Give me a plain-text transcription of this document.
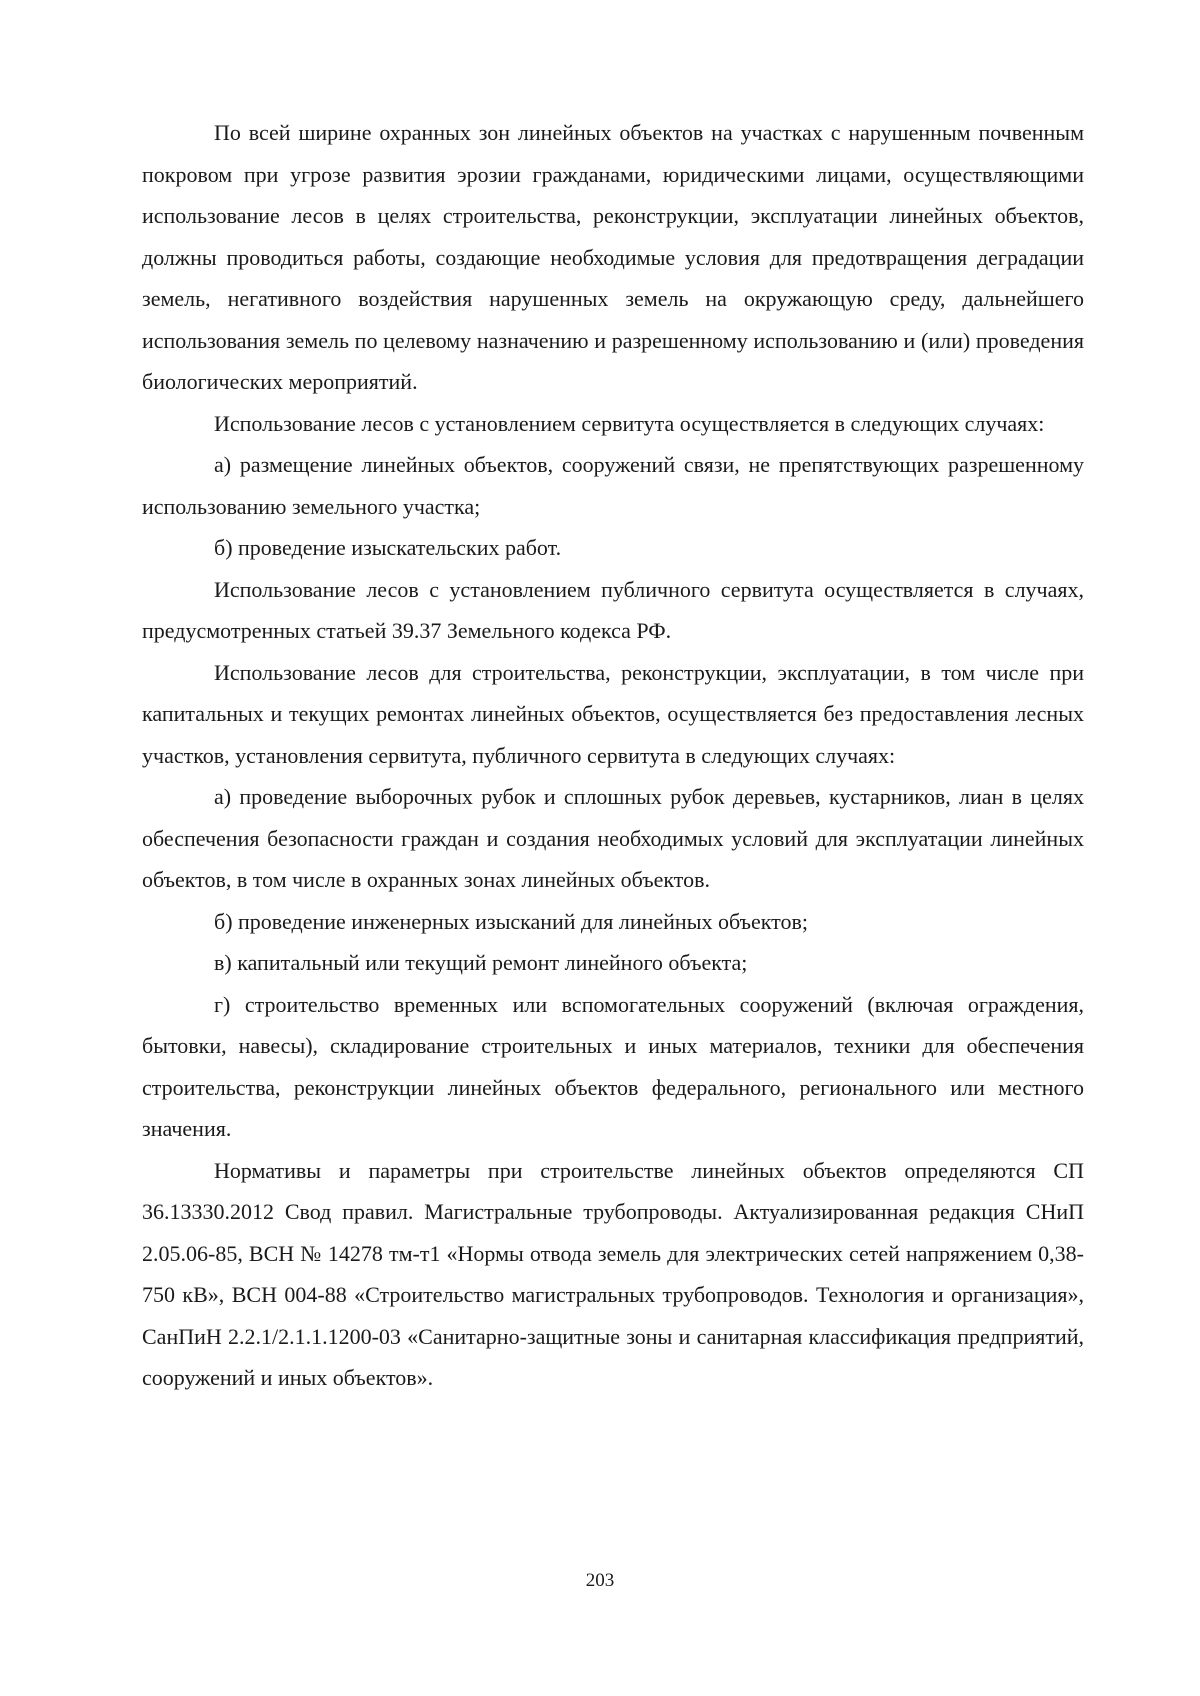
По всей ширине охранных зон линейных объектов на участках с нарушенным почвенным покровом при угрозе развития эрозии гражданами, юридическими лицами, осуществляющими использование лесов в целях строительства, реконструкции, эксплуатации линейных объектов, должны проводиться работы, создающие необходимые условия для предотвращения деградации земель, негативного воздействия нарушенных земель на окружающую среду, дальнейшего использования земель по целевому назначению и разрешенному использованию и (или) проведения биологических мероприятий.

Использование лесов с установлением сервитута осуществляется в следующих случаях:

а) размещение линейных объектов, сооружений связи, не препятствующих разрешенному использованию земельного участка;

б) проведение изыскательских работ.

Использование лесов с установлением публичного сервитута осуществляется в случаях, предусмотренных статьей 39.37 Земельного кодекса РФ.

Использование лесов для строительства, реконструкции, эксплуатации, в том числе при капитальных и текущих ремонтах линейных объектов, осуществляется без предоставления лесных участков, установления сервитута, публичного сервитута в следующих случаях:

а) проведение выборочных рубок и сплошных рубок деревьев, кустарников, лиан в целях обеспечения безопасности граждан и создания необходимых условий для эксплуатации линейных объектов, в том числе в охранных зонах линейных объектов.

б) проведение инженерных изысканий для линейных объектов;

в) капитальный или текущий ремонт линейного объекта;

г) строительство временных или вспомогательных сооружений (включая ограждения, бытовки, навесы), складирование строительных и иных материалов, техники для обеспечения строительства, реконструкции линейных объектов федерального, регионального или местного значения.

Нормативы и параметры при строительстве линейных объектов определяются СП 36.13330.2012 Свод правил. Магистральные трубопроводы. Актуализированная редакция СНиП 2.05.06-85, ВСН № 14278 тм-т1 «Нормы отвода земель для электрических сетей напряжением 0,38-750 кВ», ВСН 004-88 «Строительство магистральных трубопроводов. Технология и организация», СанПиН 2.2.1/2.1.1.1200-03 «Санитарно-защитные зоны и санитарная классификация предприятий, сооружений и иных объектов».

203
